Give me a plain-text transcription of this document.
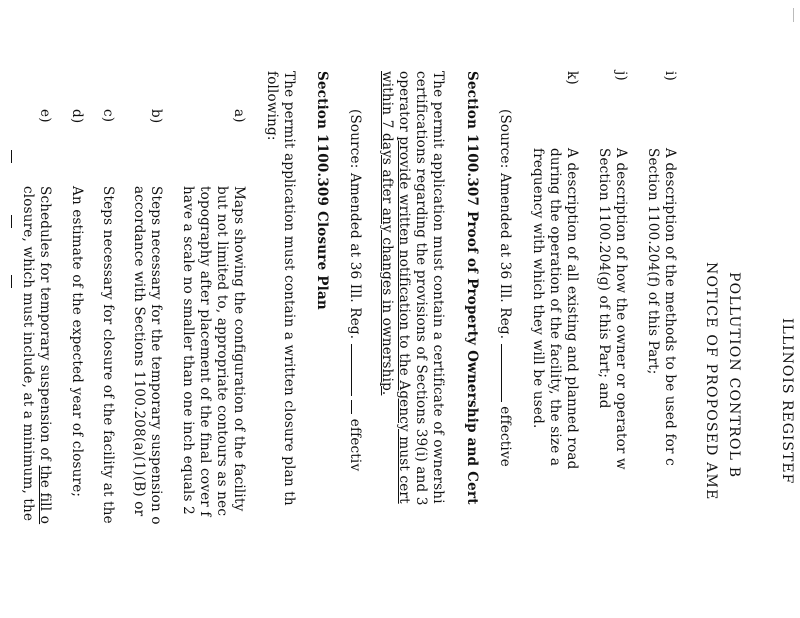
ILLINOIS REGISTEF
POLLUTION CONTROL B
NOTICE OF PROPOSED AME
i)
A description of the methods to be used for c
Section 1100.204(f) of this Part;
j)
A description of how the owner or operator w
Section 1100.204(g) of this Part; and
k)
A description of all existing and planned road
during the operation of the facility, the size a
frequency with which they will be used.
(Source: Amended at 36 Ill. Reg.  effective
Section 1100.307 Proof of Property Ownership and Cert
The permit application must contain a certificate of ownershi
certifications regarding the provisions of Sections 39(i) and 3
operator provide written notification to the Agency must cert
within 7 days after any changes in ownership.
(Source: Amended at 36 Ill. Reg.   effectiv
Section 1100.309 Closure Plan
The permit application must contain a written closure plan th
following:
a)
Maps showing the configuration of the facility
but not limited to, appropriate contours as nec
topography after placement of the final cover f
have a scale no smaller than one inch equals 2
b)
Steps necessary for the temporary suspension o
accordance with Sections 1100.208(a)(1)(B) or
c)
Steps necessary for closure of the facility at the
d)
An estimate of the expected year of closure;
e)
Schedules for temporary suspension of the fill o
closure, which must include, at a minimum, the
